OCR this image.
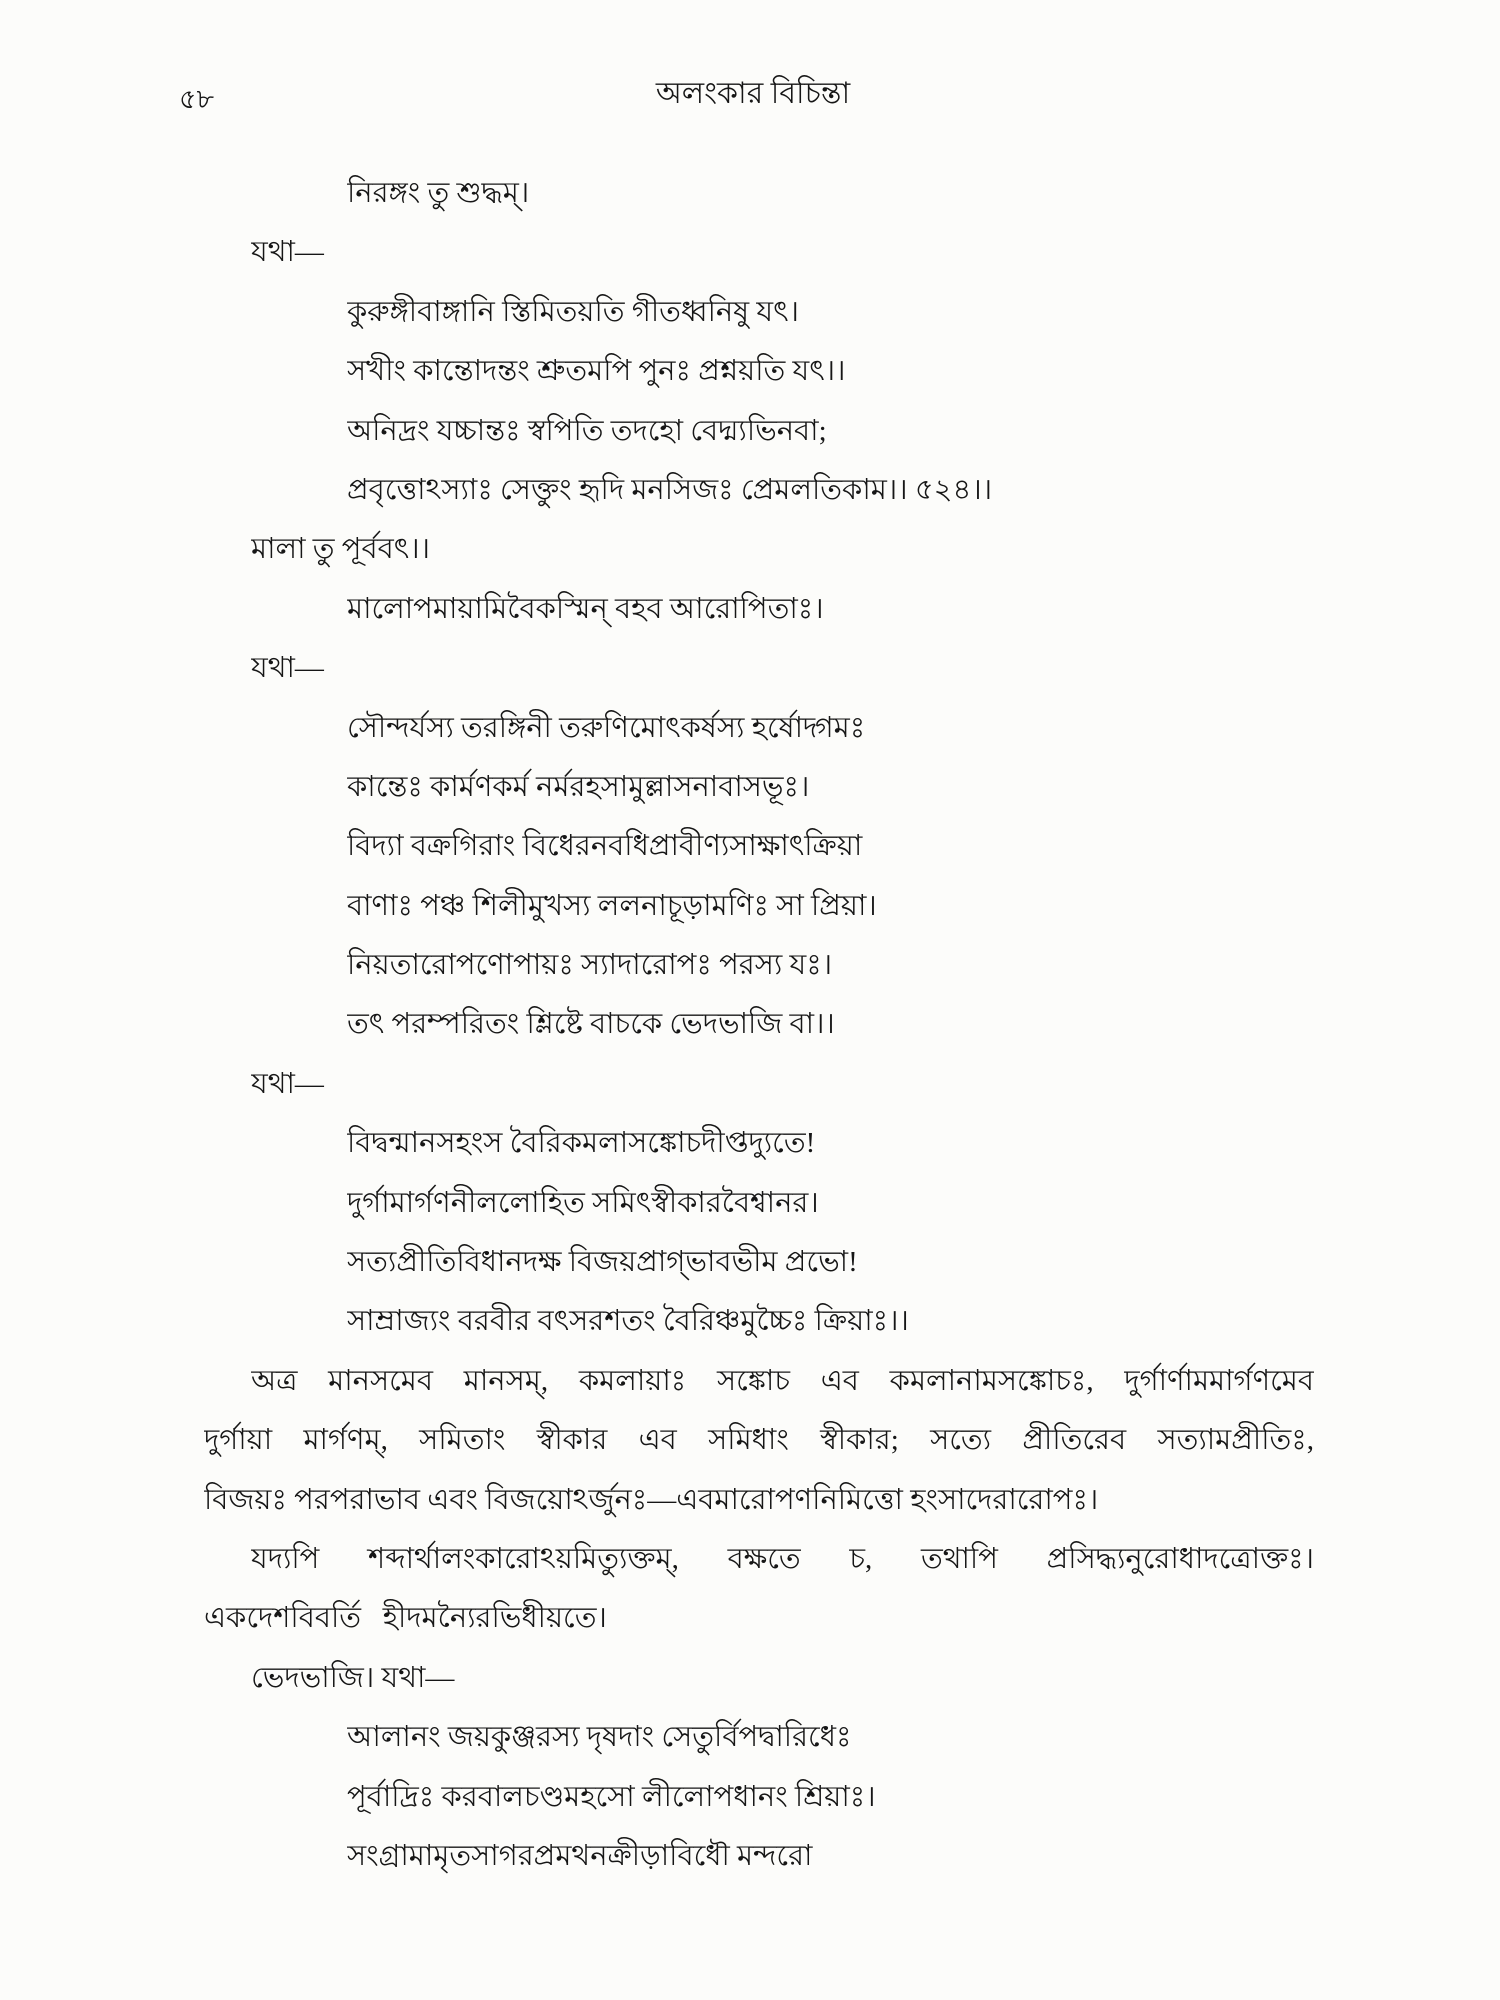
৫৮	অলংকার বিচিন্তা
নিরঙ্গং তু শুদ্ধম্।
যথা—
কুরুঙ্গীবাঙ্গানি স্তিমিতয়তি গীতধ্বনিষু যৎ।
সখীং কান্তোদন্তং শ্রুতমপি পুনঃ প্রশ্নয়তি যৎ।।
অনিদ্রং যচ্চান্তঃ স্বপিতি তদহো বেদ্ম্যভিনবা;
প্রবৃত্তোঽস্যাঃ সেক্তুং হৃদি মনসিজঃ প্রেমলতিকাম।। ৫২৪।।
মালা তু পূর্ববৎ।।
মালোপমায়ামিবৈকস্মিন্ বহব আরোপিতাঃ।
যথা—
সৌন্দর্যস্য তরঙ্গিনী তরুণিমোৎকর্ষস্য হর্ষোদ্গমঃ
কান্তেঃ কার্মণকর্ম নর্মরহসামুল্লাসনাবাসভূঃ।
বিদ্যা বক্রগিরাং বিধেরনবধিপ্রাবীণ্যসাক্ষাৎক্রিয়া
বাণাঃ পঞ্চ শিলীমুখস্য ললনাচূড়ামণিঃ সা প্রিয়া।
নিয়তারোপণোপায়ঃ স্যাদারোপঃ পরস্য যঃ।
তৎ পরম্পরিতং শ্লিষ্টে বাচকে ভেদভাজি বা।।
যথা—
বিদ্বন্মানসহংস বৈরিকমলাসঙ্কোচদীপ্তদ্যুতে!
দুর্গামার্গণনীললোহিত সমিৎস্বীকারবৈশ্বানর।
সত্যপ্রীতিবিধানদক্ষ বিজয়প্রাগ্ভাবভীম প্রভো!
সাম্রাজ্যং বরবীর বৎসরশতং বৈরিঞ্চমুচ্চৈঃ ক্রিয়াঃ।।
অত্র মানসমেব মানসম্, কমলায়াঃ সঙ্কোচ এব কমলানামসঙ্কোচঃ, দুর্গার্ণামমার্গণমেব
দুর্গায়া মার্গণম্, সমিতাং স্বীকার এব সমিধাং স্বীকার; সত্যে প্রীতিরেব সত্যামপ্রীতিঃ,
বিজয়ঃ পরপরাভাব এবং বিজয়োঽর্জুনঃ—এবমারোপণনিমিত্তো হংসাদেরারোপঃ।
যদ্যপি শব্দার্থালংকারোঽয়মিত্যুক্তম্, বক্ষতে চ, তথাপি প্রসিদ্ধ্যনুরোধাদত্রোক্তঃ।
একদেশবিবর্তি   হীদমন্যৈরভিধীয়তে।
ভেদভাজি। যথা—
আলানং জয়কুঞ্জরস্য দৃষদাং সেতুর্বিপদ্বারিধেঃ
পূর্বাদ্রিঃ করবালচণ্ডমহসো লীলোপধানং শ্রিয়াঃ।
সংগ্রামামৃতসাগরপ্রমথনক্রীড়াবিধৌ মন্দরো
